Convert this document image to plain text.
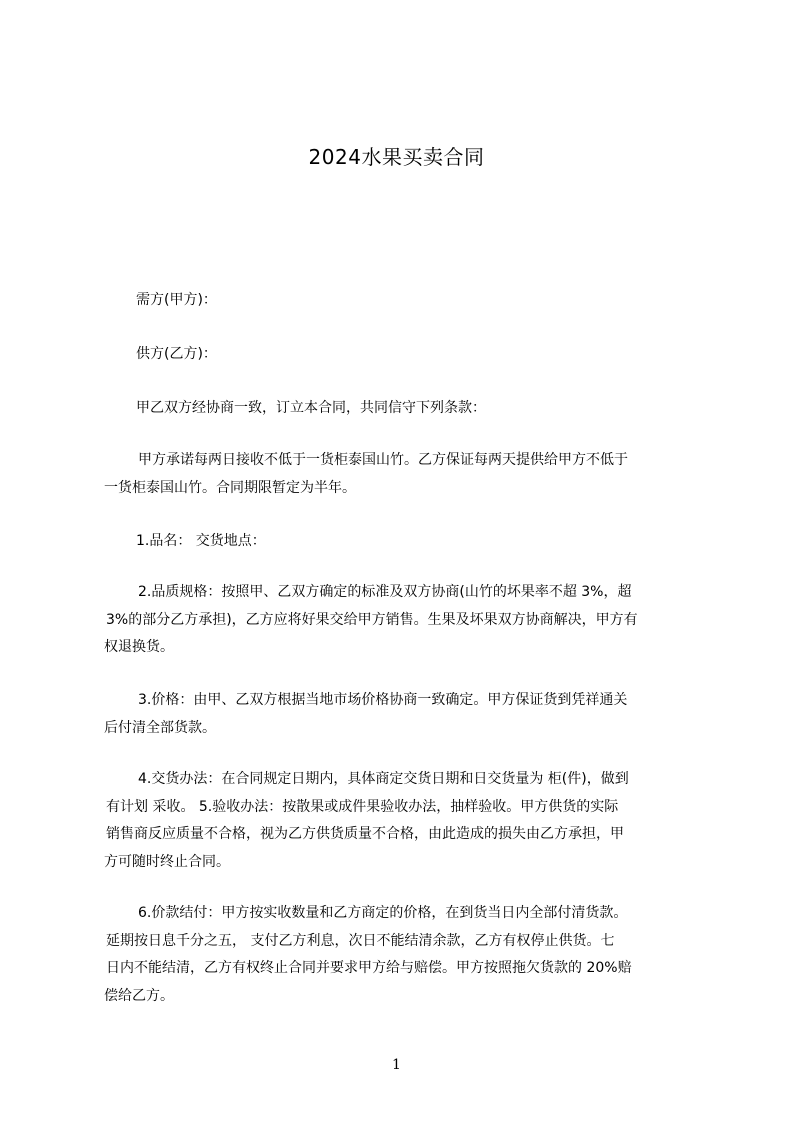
2024水果买卖合同
需方(甲方)：
供方(乙方)：
甲乙双方经协商一致，订立本合同，共同信守下列条款：
甲方承诺每两日接收不低于一货柜泰国山竹。乙方保证每两天提供给甲方不低于
一货柜泰国山竹。合同期限暂定为半年。
1.品名： 交货地点：
2.品质规格：按照甲、乙双方确定的标准及双方协商(山竹的坏果率不超 3%，超
3%的部分乙方承担)，乙方应将好果交给甲方销售。生果及坏果双方协商解决，甲方有
权退换货。
3.价格：由甲、乙双方根据当地市场价格协商一致确定。甲方保证货到凭祥通关
后付清全部货款。
4.交货办法：在合同规定日期内，具体商定交货日期和日交货量为 柜(件)，做到
有计划 采收。 5.验收办法：按散果或成件果验收办法，抽样验收。甲方供货的实际
销售商反应质量不合格，视为乙方供货质量不合格，由此造成的损失由乙方承担，甲
方可随时终止合同。
6.价款结付：甲方按实收数量和乙方商定的价格，在到货当日内全部付清货款。
延期按日息千分之五， 支付乙方利息，次日不能结清余款，乙方有权停止供货。七
日内不能结清，乙方有权终止合同并要求甲方给与赔偿。甲方按照拖欠货款的 20%赔
偿给乙方。
1
